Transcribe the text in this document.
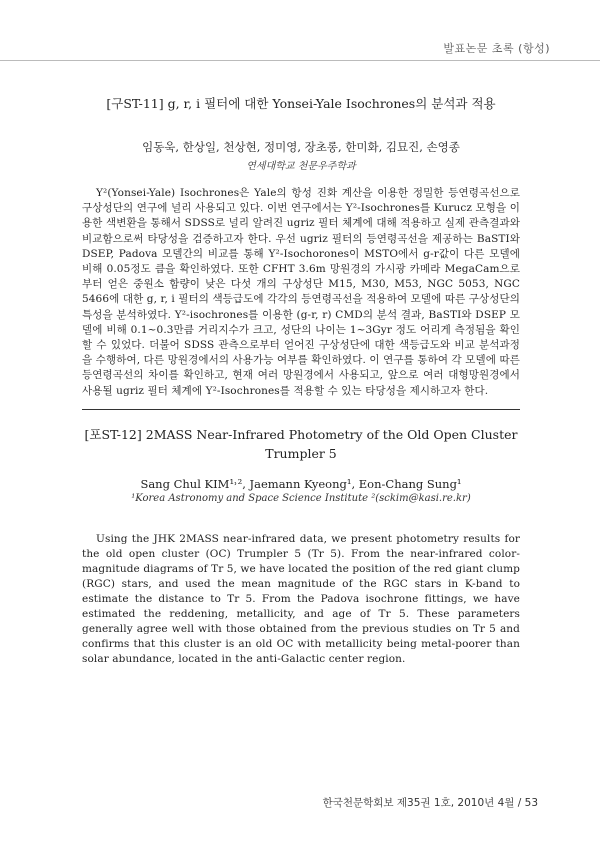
발표논문 초록 (항성)

[구ST-11] g, r, i 필터에 대한 Yonsei-Yale Isochrones의 분석과 적용

임동욱, 한상일, 천상현, 정미영, 장초롱, 한미화, 김묘진, 손영종

연세대학교 천문우주학과

Y²(Yonsei-Yale) Isochrones은 Yale의 항성 진화 계산을 이용한 정밀한 등연령곡선으로 구상성단의 연구에 널리 사용되고 있다. 이번 연구에서는 Y²-Isochrones를 Kurucz 모형을 이용한 색변환을 통해서 SDSS로 널리 알려진 ugriz 필터 체계에 대해 적용하고 실제 관측결과와 비교함으로써 타당성을 검증하고자 한다. 우선 ugriz 필터의 등연령곡선을 제공하는 BaSTI와 DSEP, Padova 모델간의 비교를 통해 Y²-Isochorones이 MSTO에서 g-r값이 다른 모델에 비해 0.05정도 큼을 확인하였다. 또한 CFHT 3.6m 망원경의 가시광 카메라 MegaCam으로부터 얻은 중원소 함량이 낮은 다섯 개의 구상성단 M15, M30, M53, NGC 5053, NGC 5466에 대한 g, r, i 필터의 색등급도에 각각의 등연령곡선을 적용하여 모델에 따른 구상성단의 특성을 분석하였다. Y²-isochrones를 이용한 (g-r, r) CMD의 분석 결과, BaSTI와 DSEP 모델에 비해 0.1~0.3만큼 거리지수가 크고, 성단의 나이는 1~3Gyr 정도 어리게 측정됨을 확인할 수 있었다. 더불어 SDSS 관측으로부터 얻어진 구상성단에 대한 색등급도와 비교 분석과정을 수행하여, 다른 망원경에서의 사용가능 여부를 확인하였다. 이 연구를 통하여 각 모델에 따른 등연령곡선의 차이를 확인하고, 현재 여러 망원경에서 사용되고, 앞으로 여러 대형망원경에서 사용될 ugriz 필터 체계에 Y²-Isochrones를 적용할 수 있는 타당성을 제시하고자 한다.

[포ST-12] 2MASS Near-Infrared Photometry of the Old Open Cluster Trumpler 5

Sang Chul KIM¹˒², Jaemann Kyeong¹, Eon-Chang Sung¹

¹Korea Astronomy and Space Science Institute ²(sckim@kasi.re.kr)

Using the JHK 2MASS near-infrared data, we present photometry results for the old open cluster (OC) Trumpler 5 (Tr 5). From the near-infrared color-magnitude diagrams of Tr 5, we have located the position of the red giant clump (RGC) stars, and used the mean magnitude of the RGC stars in K-band to estimate the distance to Tr 5. From the Padova isochrone fittings, we have estimated the reddening, metallicity, and age of Tr 5. These parameters generally agree well with those obtained from the previous studies on Tr 5 and confirms that this cluster is an old OC with metallicity being metal-poorer than solar abundance, located in the anti-Galactic center region.

한국천문학회보 제35권 1호, 2010년 4월 / 53
